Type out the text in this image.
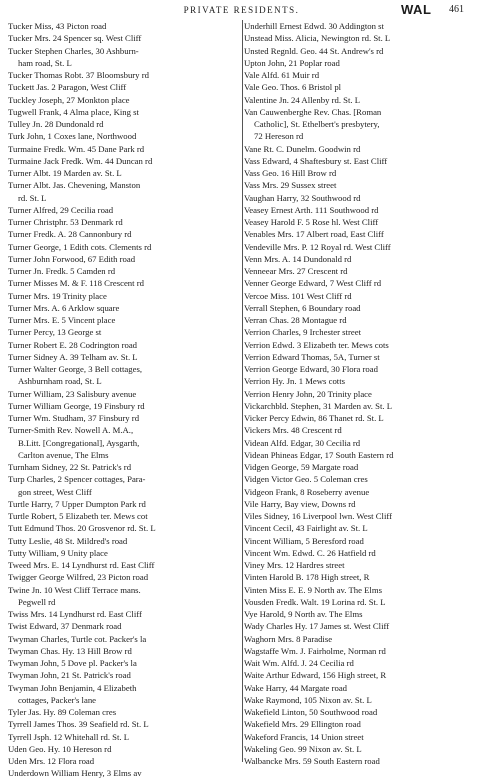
PRIVATE RESIDENTS.	WAL 461
Tucker Miss, 43 Picton road
Tucker Mrs. 24 Spencer sq. West Cliff
Tucker Stephen Charles, 30 Ashburn-
ham road, St. L
Tucker Thomas Robt. 37 Bloomsbury rd
Tuckett Jas. 2 Paragon, West Cliff
Tuckley Joseph, 27 Monkton place
Tugwell Frank, 4 Alma place, King st
Tulley Jn. 28 Dundonald rd
Turk John, 1 Coxes lane, Northwood
Turmaine Fredk. Wm. 45 Dane Park rd
Turmaine Jack Fredk. Wm. 44 Duncan rd
Turner Albt. 19 Marden av. St. L
Turner Albt. Jas. Chevening, Manston
rd. St. L
Turner Alfred, 29 Cecilia road
Turner Christphr. 53 Denmark rd
Turner Fredk. A. 28 Cannonbury rd
Turner George, 1 Edith cots. Clements rd
Turner John Forwood, 67 Edith road
Turner Jn. Fredk. 5 Camden rd
Turner Misses M. & F. 118 Crescent rd
Turner Mrs. 19 Trinity place
Turner Mrs. A. 6 Arklow square
Turner Mrs. E. 5 Vincent place
Turner Percy, 13 George st
Turner Robert E. 28 Codrington road
Turner Sidney A. 39 Telham av. St. L
Turner Walter George, 3 Bell cottages,
Ashburnham road, St. L
Turner William, 23 Salisbury avenue
Turner William George, 19 Finsbury rd
Turner Wm. Studham, 37 Finsbury rd
Turner-Smith Rev. Nowell A. M.A.,
B.Litt. [Congregational], Aysgarth,
Carlton avenue, The Elms
Turnham Sidney, 22 St. Patrick's rd
Turp Charles, 2 Spencer cottages, Para-
gon street, West Cliff
Turtle Harry, 7 Upper Dumpton Park rd
Turtle Robert, 5 Elizabeth ter. Mews cot
Tutt Edmund Thos. 20 Grosvenor rd. St. L
Tutty Leslie, 48 St. Mildred's road
Tutty William, 9 Unity place
Tweed Mrs. E. 14 Lyndhurst rd. East Cliff
Twigger George Wilfred, 23 Picton road
Twine Jn. 10 West Cliff Terrace mans.
Pegwell rd
Twiss Mrs. 14 Lyndhurst rd. East Cliff
Twist Edward, 37 Denmark road
Twyman Charles, Turtle cot. Packer's la
Twyman Chas. Hy. 13 Hill Brow rd
Twyman John, 5 Dove pl. Packer's la
Twyman John, 21 St. Patrick's road
Twyman John Benjamin, 4 Elizabeth
cottages, Packer's lane
Tyler Jas. Hy. 89 Coleman cres
Tyrrell James Thos. 39 Seafield rd. St. L
Tyrrell Jsph. 12 Whitehall rd. St. L
Uden Geo. Hy. 10 Hereson rd
Uden Mrs. 12 Flora road
Underdown William Henry, 3 Elms av
Underhill Ernest Edwd. 30 Addington st
Unstead Miss. Alicia, Newington rd. St. L
Unsted Regnld. Geo. 44 St. Andrew's rd
Upton John, 21 Poplar road
Vale Alfd. 61 Muir rd
Vale Geo. Thos. 6 Bristol pl
Valentine Jn. 24 Allenby rd. St. L
Van Cauwenberghe Rev. Chas. [Roman
Catholic], St. Ethelbert's presbytery,
72 Hereson rd
Vane Rt. C. Dunelm. Goodwin rd
Vass Edward, 4 Shaftesbury st. East Cliff
Vass Geo. 16 Hill Brow rd
Vass Mrs. 29 Sussex street
Vaughan Harry, 32 Southwood rd
Veasey Ernest Arth. 111 Southwood rd
Veasey Harold F. 5 Rose hl. West Cliff
Venables Mrs. 17 Albert road, East Cliff
Vendeville Mrs. P. 12 Royal rd. West Cliff
Venn Mrs. A. 14 Dundonald rd
Venneear Mrs. 27 Crescent rd
Venner George Edward, 7 West Cliff rd
Vercoe Miss. 101 West Cliff rd
Verrall Stephen, 6 Boundary road
Verran Chas. 28 Montague rd
Verrion Charles, 9 Irchester street
Verrion Edwd. 3 Elizabeth ter. Mews cots
Verrion Edward Thomas, 5A, Turner st
Verrion George Edward, 30 Flora road
Verrion Hy. Jn. 1 Mews cotts
Verrion Henry John, 20 Trinity place
Vickarchbld. Stephen, 31 Marden av. St. L
Vicker Percy Edwin, 86 Thanet rd. St. L
Vickers Mrs. 48 Crescent rd
Videan Alfd. Edgar, 30 Cecilia rd
Videan Phineas Edgar, 17 South Eastern rd
Vidgen George, 59 Margate road
Vidgen Victor Geo. 5 Coleman cres
Vidgeon Frank, 8 Roseberry avenue
Vile Harry, Bay view, Downs rd
Viles Sidney, 16 Liverpool lwn. West Cliff
Vincent Cecil, 43 Fairlight av. St. L
Vincent William, 5 Beresford road
Vincent Wm. Edwd. C. 26 Hatfield rd
Viney Mrs. 12 Hardres street
Vinten Harold B. 178 High street, R
Vinten Miss E. E. 9 North av. The Elms
Vousden Fredk. Walt. 19 Lorina rd. St. L
Vye Harold, 9 North av. The Elms
Wady Charles Hy. 17 James st. West Cliff
Waghorn Mrs. 8 Paradise
Wagstaffe Wm. J. Fairholme, Norman rd
Wait Wm. Alfd. J. 24 Cecilia rd
Waite Arthur Edward, 156 High street, R
Wake Harry, 44 Margate road
Wake Raymond, 105 Nixon av. St. L
Wakefield Linton, 50 Southwood road
Wakefield Mrs. 29 Ellington road
Wakeford Francis, 14 Union street
Wakeling Geo. 99 Nixon av. St. L
Walbancke Mrs. 59 South Eastern road
